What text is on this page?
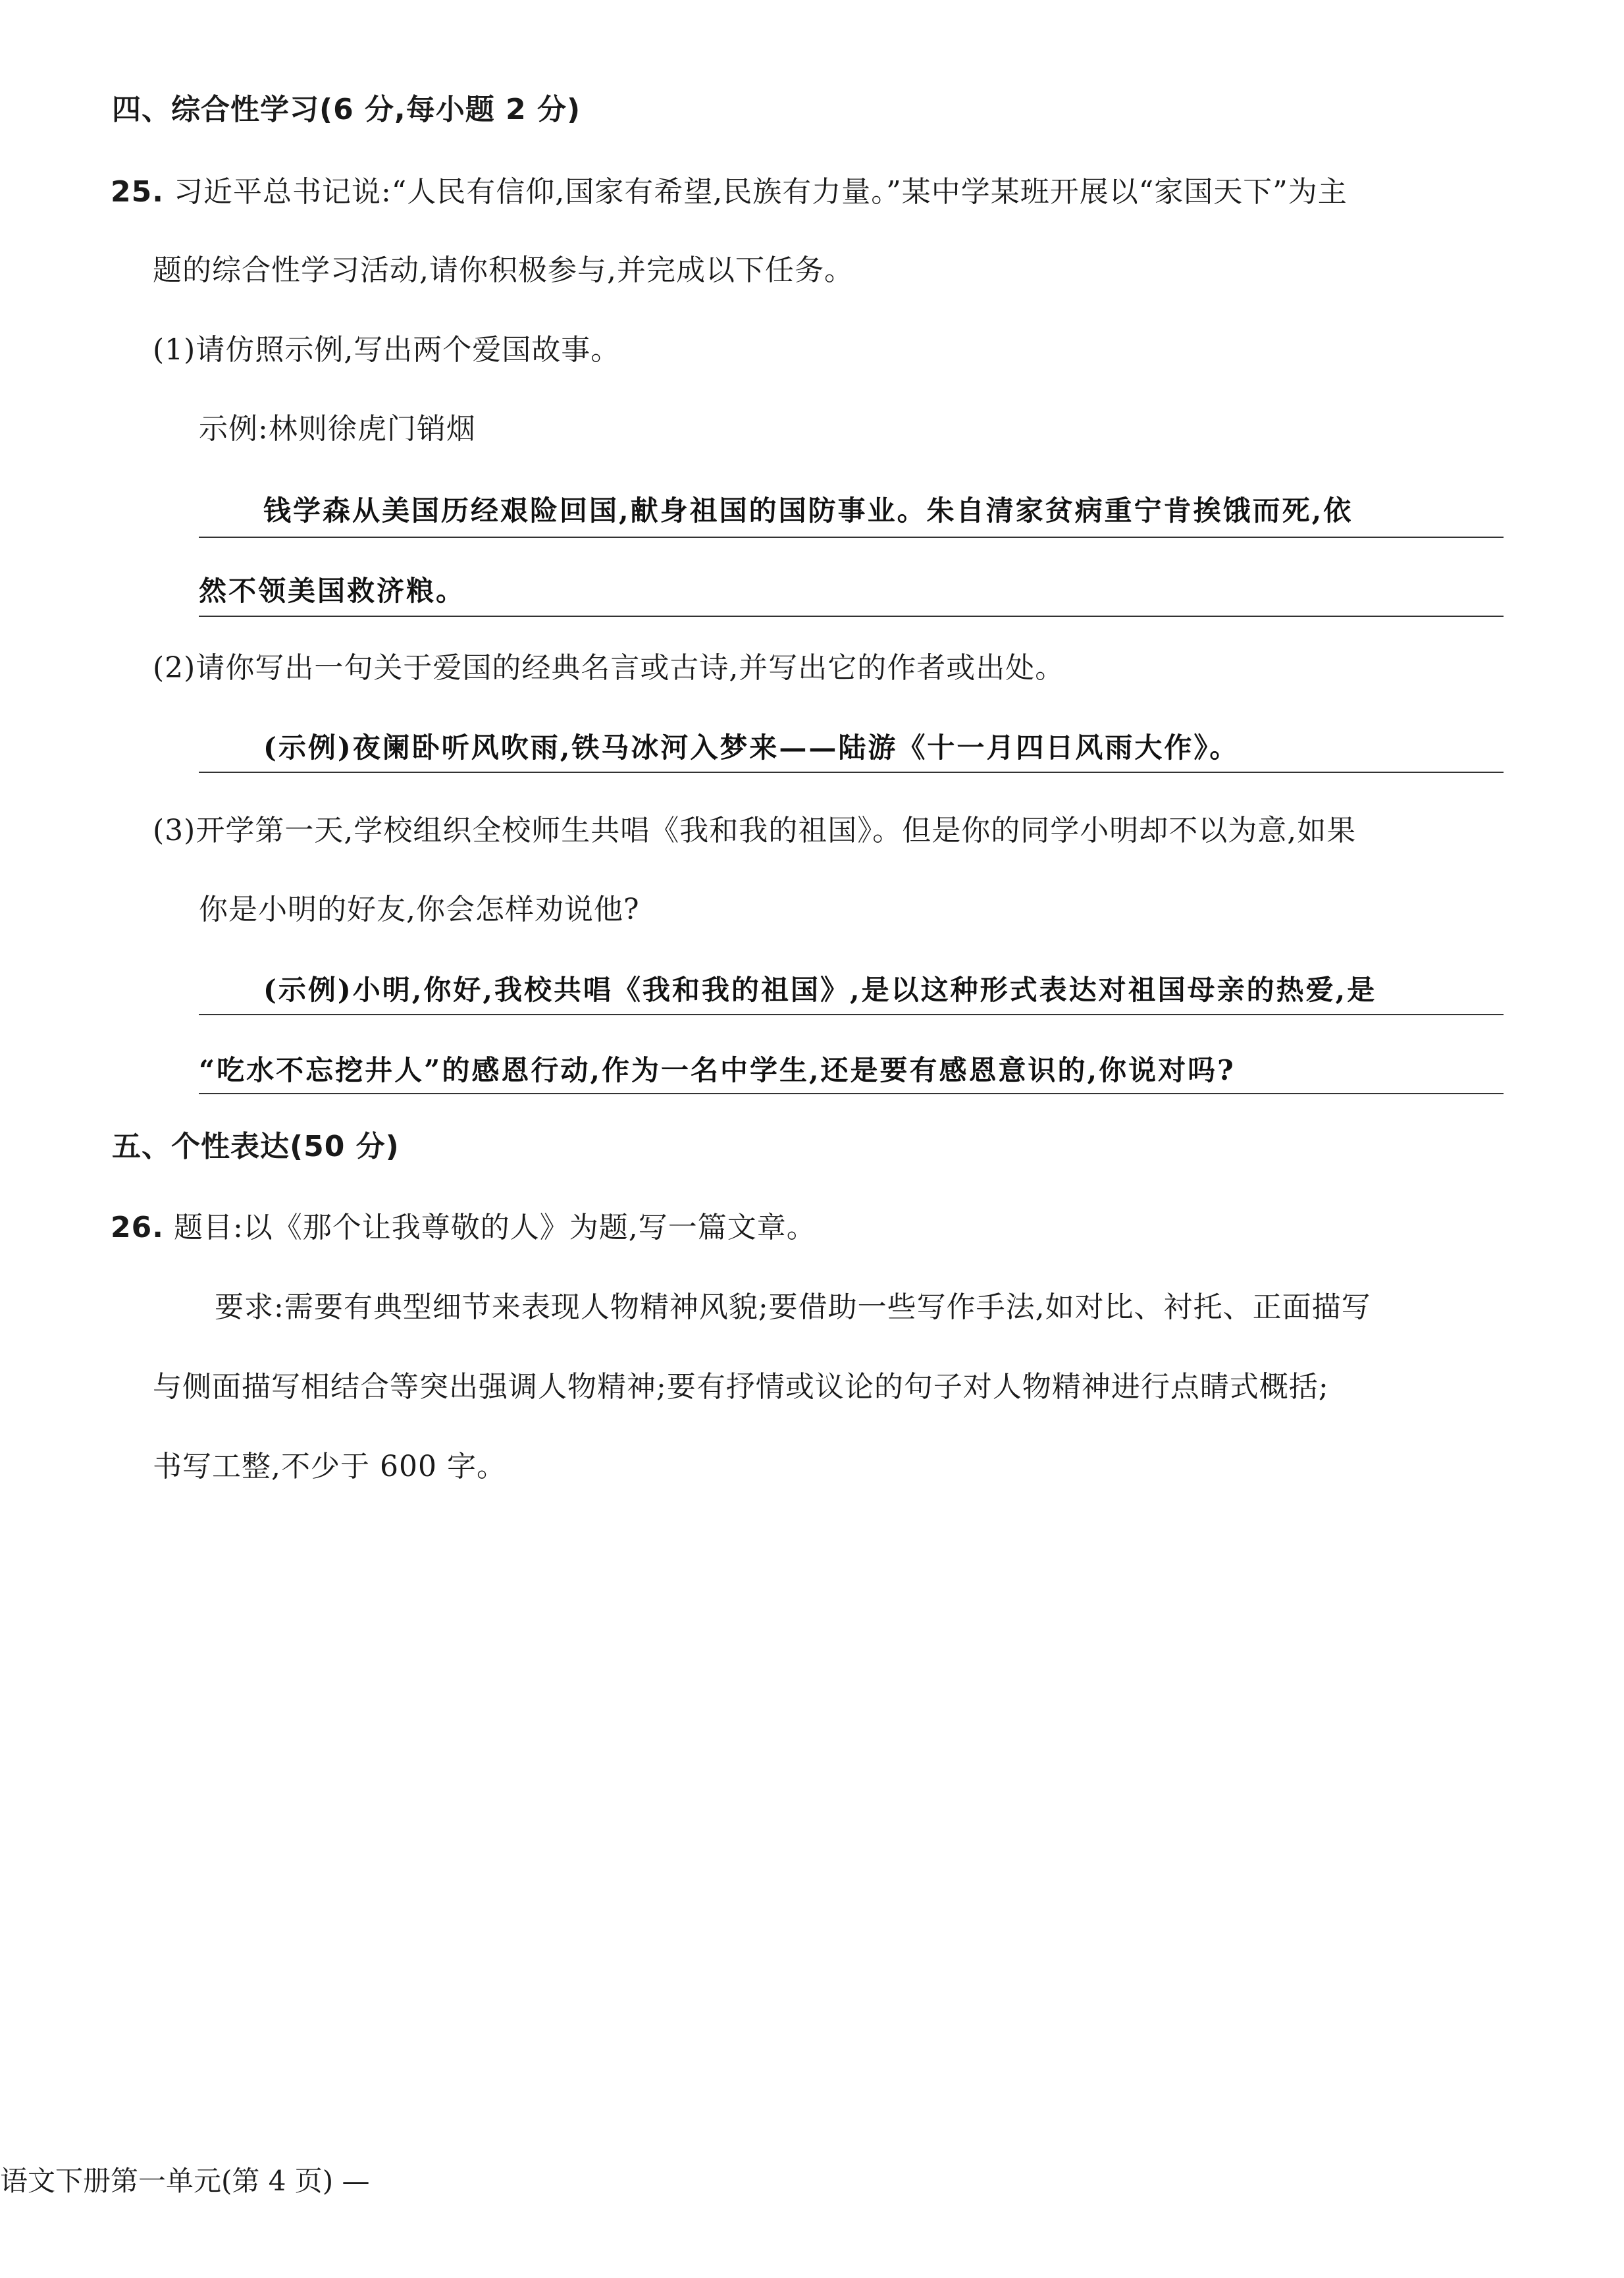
四、综合性学习(6 分,每小题 2 分)
25. 习近平总书记说:“人民有信仰,国家有希望,民族有力量。”某中学某班开展以“家国天下”为主
题的综合性学习活动,请你积极参与,并完成以下任务。
(1)请仿照示例,写出两个爱国故事。
示例:林则徐虎门销烟
钱学森从美国历经艰险回国,献身祖国的国防事业。朱自清家贫病重宁肯挨饿而死,依
然不领美国救济粮。
(2)请你写出一句关于爱国的经典名言或古诗,并写出它的作者或出处。
(示例)夜阑卧听风吹雨,铁马冰河入梦来——陆游《十一月四日风雨大作》。
(3)开学第一天,学校组织全校师生共唱《我和我的祖国》。但是你的同学小明却不以为意,如果
你是小明的好友,你会怎样劝说他?
(示例)小明,你好,我校共唱《我和我的祖国》,是以这种形式表达对祖国母亲的热爱,是
“吃水不忘挖井人”的感恩行动,作为一名中学生,还是要有感恩意识的,你说对吗?
五、个性表达(50 分)
26. 题目:以《那个让我尊敬的人》为题,写一篇文章。
要求:需要有典型细节来表现人物精神风貌;要借助一些写作手法,如对比、衬托、正面描写
与侧面描写相结合等突出强调人物精神;要有抒情或议论的句子对人物精神进行点睛式概括;
书写工整,不少于 600 字。
语文下册第一单元(第 4 页) —
